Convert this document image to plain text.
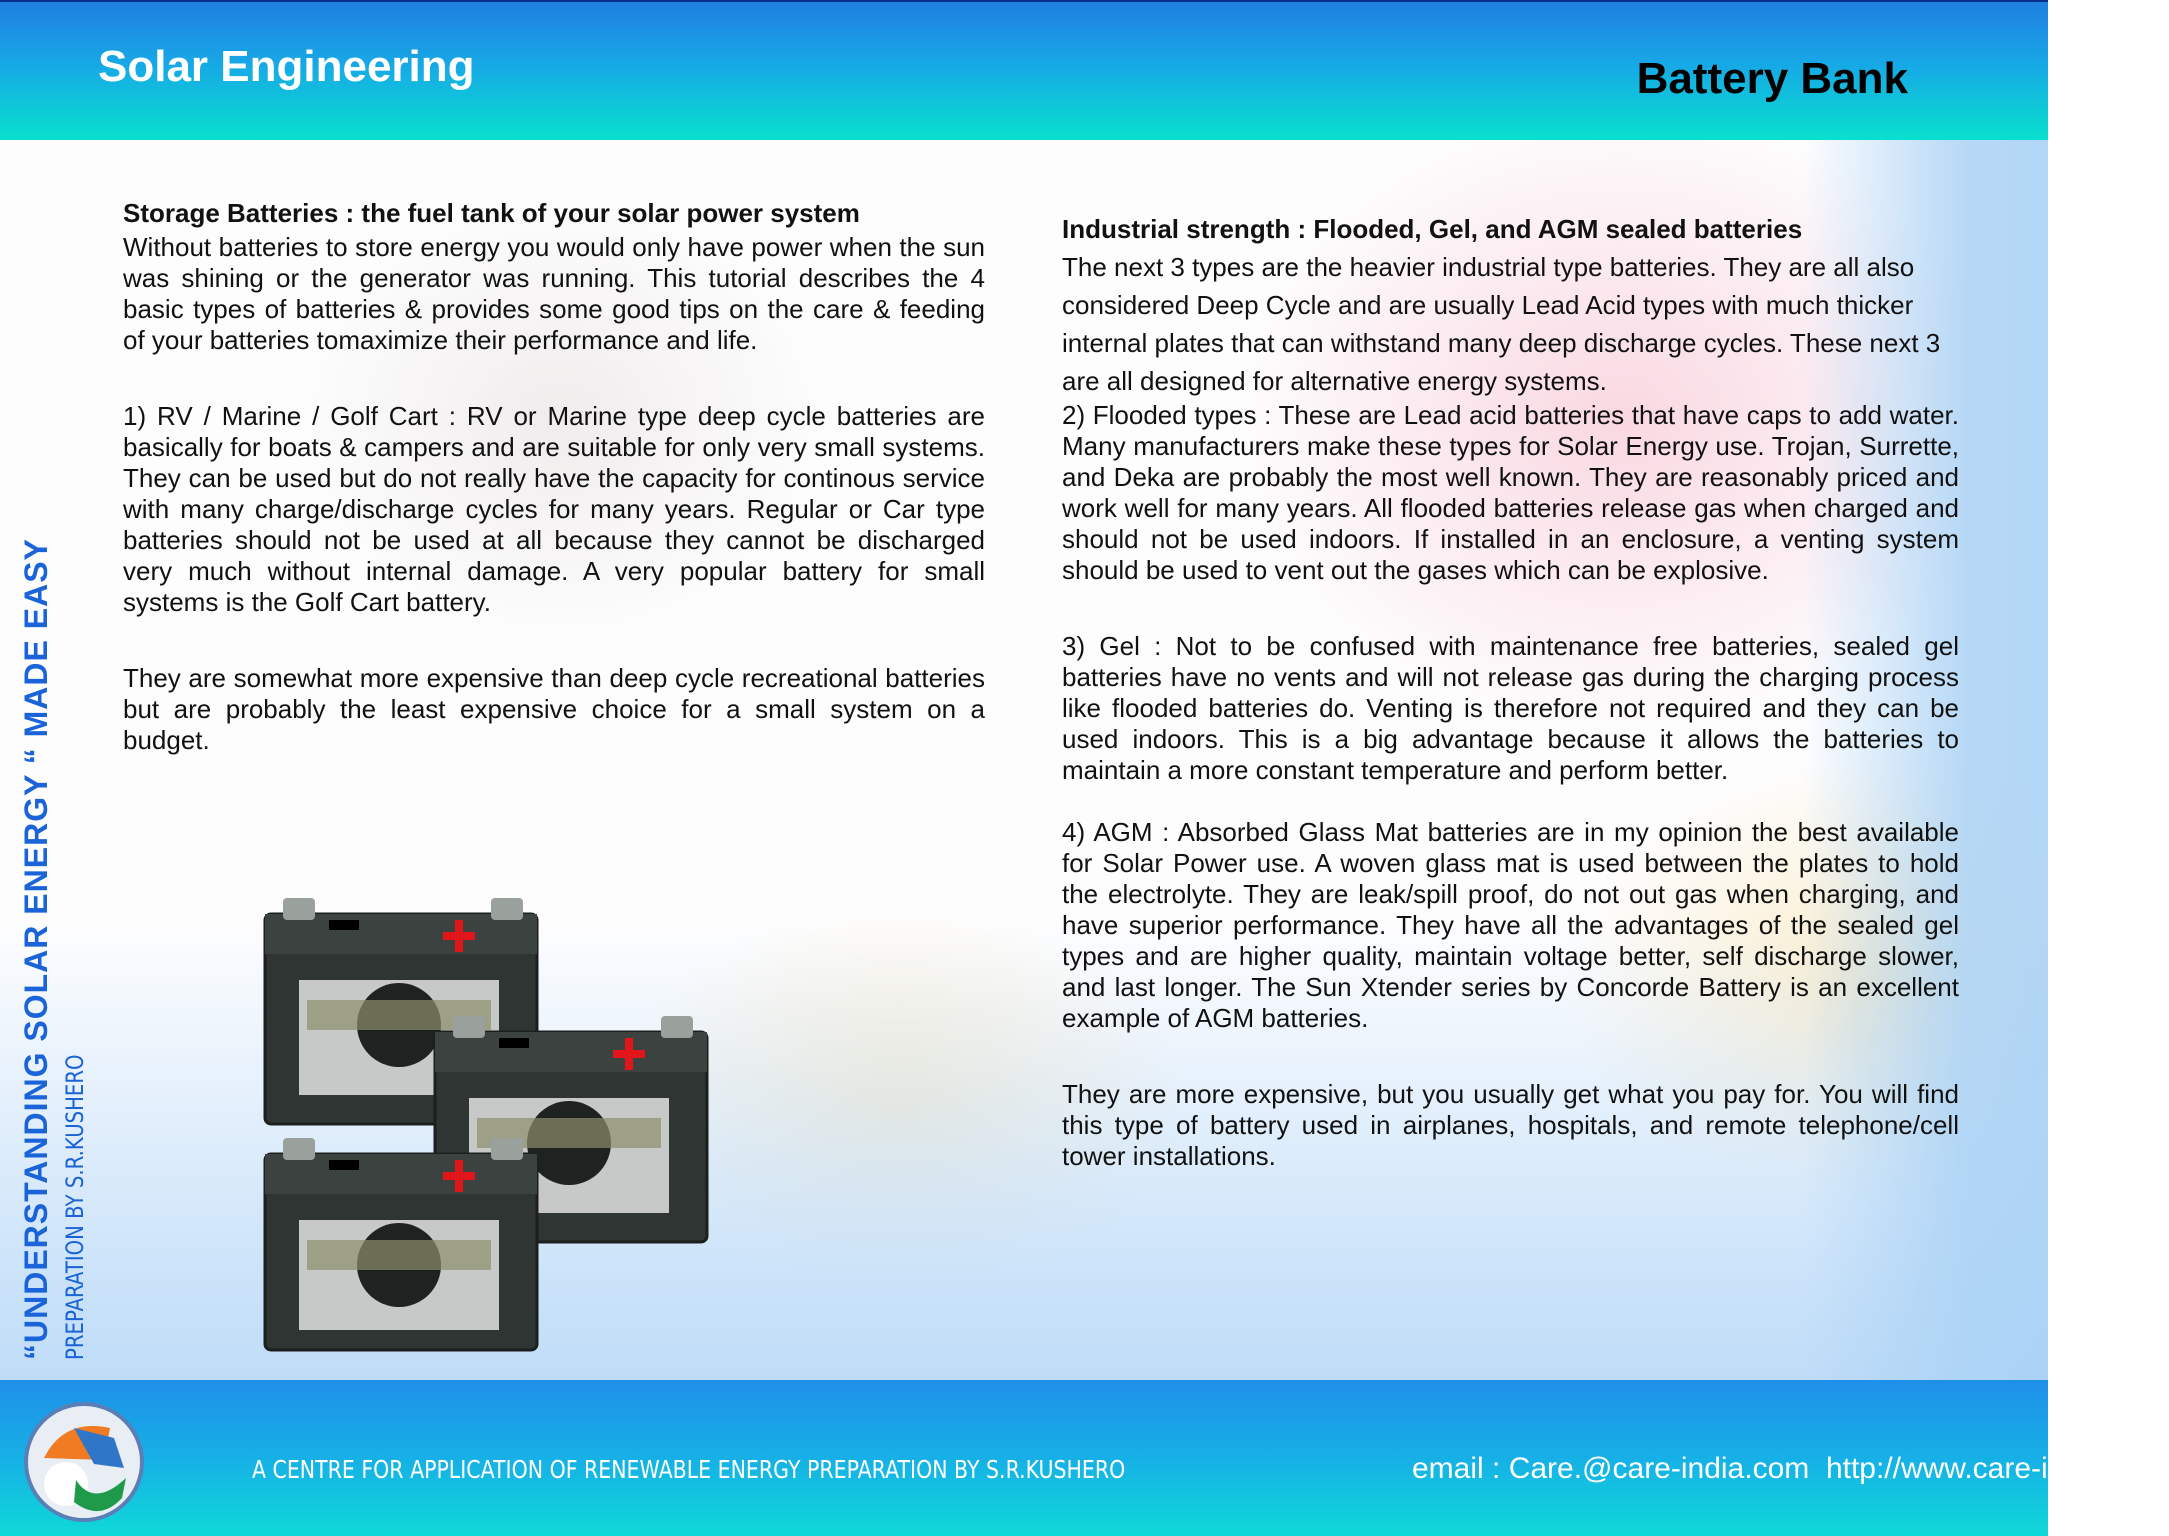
Solar Engineering	Battery Bank
“UNDERSTANDING SOLAR ENERGY “ MADE EASY PREPARATION BY S.R.KUSHERO
Storage Batteries : the fuel tank of your solar power system

Without batteries to store energy you would only have power when the sun was shining or the generator was running. This tutorial describes the 4 basic types of batteries & provides some good tips on the care & feeding of your batteries tomaximize their performance and life.

1) RV / Marine / Golf Cart : RV or Marine type deep cycle batteries are basically for boats & campers and are suitable for only very small systems. They can be used but do not really have the capacity for continous service with many charge/discharge cycles for many years. Regular or Car type batteries should not be used at all because they cannot be discharged very much without internal damage. A very popular battery for small systems is the Golf Cart battery.

They are somewhat more expensive than deep cycle recreational batteries but are probably the least expensive choice for a small system on a budget.

Industrial strength : Flooded, Gel, and AGM sealed batteries

The next 3 types are the heavier industrial type batteries. They are all also considered Deep Cycle and are usually Lead Acid types with much thicker internal plates that can withstand many deep discharge cycles. These next 3 are all designed for alternative energy systems.

2) Flooded types : These are Lead acid batteries that have caps to add water. Many manufacturers make these types for Solar Energy use. Trojan, Surrette, and Deka are probably the most well known. They are reasonably priced and work well for many years. All flooded batteries release gas when charged and should not be used indoors. If installed in an enclosure, a venting system should be used to vent out the gases which can be explosive.

3) Gel : Not to be confused with maintenance free batteries, sealed gel batteries have no vents and will not release gas during the charging process like flooded batteries do. Venting is therefore not required and they can be used indoors. This is a big advantage because it allows the batteries to maintain a more constant temperature and perform better.

4) AGM : Absorbed Glass Mat batteries are in my opinion the best available for Solar Power use. A woven glass mat is used between the plates to hold the electrolyte. They are leak/spill proof, do not out gas when charging, and have superior performance. They have all the advantages of the sealed gel types and are higher quality, maintain voltage better, self discharge slower, and last longer. The Sun Xtender series by Concorde Battery is an excellent example of AGM batteries.

They are more expensive, but you usually get what you pay for. You will find this type of battery used in airplanes, hospitals, and remote telephone/cell tower installations.

A CENTRE FOR APPLICATION OF RENEWABLE ENERGY PREPARATION BY S.R.KUSHERO	email : Care.@care-india.com http://www.care-india.com
